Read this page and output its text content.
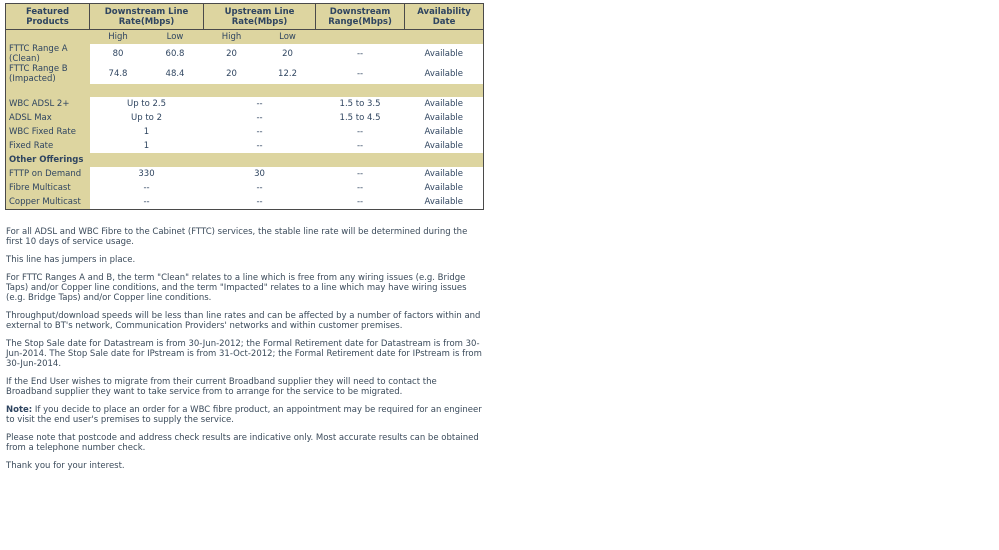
Featured Products	Downstream Line Rate(Mbps)		Upstream Line Rate(Mbps)		Downstream Range(Mbps)	Availability Date
	High	Low	High	Low		
FTTC Range A (Clean)	80	60.8	20	20	--	Available
FTTC Range B (Impacted)	74.8	48.4	20	12.2	--	Available

WBC ADSL 2+	Up to 2.5		--		1.5 to 3.5	Available
ADSL Max	Up to 2		--		1.5 to 4.5	Available
WBC Fixed Rate	1		--		--	Available
Fixed Rate	1		--		--	Available
Other Offerings						
FTTP on Demand	330		30		--	Available
Fibre Multicast	--		--		--	Available
Copper Multicast	--		--		--	Available

For all ADSL and WBC Fibre to the Cabinet (FTTC) services, the stable line rate will be determined during the first 10 days of service usage.

This line has jumpers in place.

For FTTC Ranges A and B, the term "Clean" relates to a line which is free from any wiring issues (e.g. Bridge Taps) and/or Copper line conditions, and the term "Impacted" relates to a line which may have wiring issues (e.g. Bridge Taps) and/or Copper line conditions.

Throughput/download speeds will be less than line rates and can be affected by a number of factors within and external to BT's network, Communication Providers' networks and within customer premises.

The Stop Sale date for Datastream is from 30-Jun-2012; the Formal Retirement date for Datastream is from 30-Jun-2014. The Stop Sale date for IPstream is from 31-Oct-2012; the Formal Retirement date for IPstream is from 30-Jun-2014.

If the End User wishes to migrate from their current Broadband supplier they will need to contact the Broadband supplier they want to take service from to arrange for the service to be migrated.

Note: If you decide to place an order for a WBC fibre product, an appointment may be required for an engineer to visit the end user's premises to supply the service.

Please note that postcode and address check results are indicative only. Most accurate results can be obtained from a telephone number check.

Thank you for your interest.
